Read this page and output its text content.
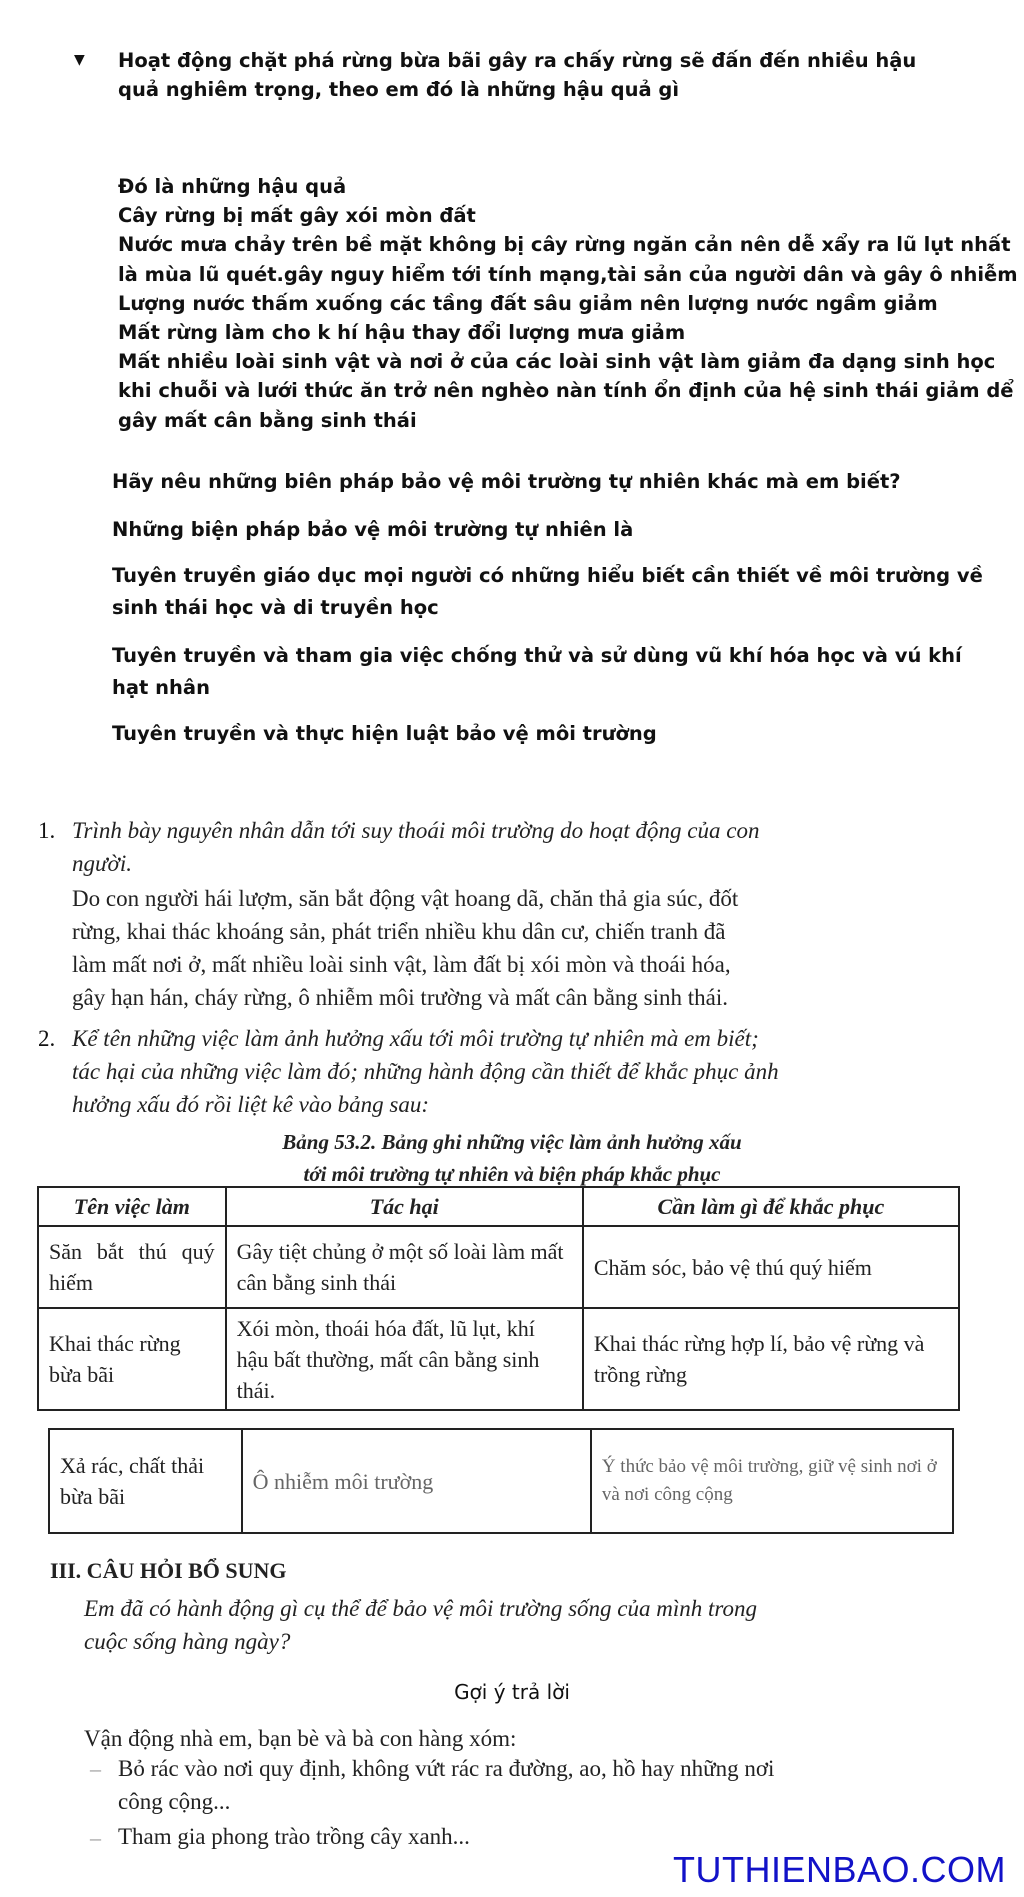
▼ Hoạt động chặt phá rừng bừa bãi gây ra chấy rừng sẽ đấn đến nhiều hậu
quả nghiêm trọng, theo em đó là những hậu quả gì
Đó là những hậu quả
Cây rừng bị mất gây xói mòn đất
Nước mưa chảy trên bề mặt không bị cây rừng ngăn cản nên dễ xẩy ra lũ lụt nhất
là mùa lũ quét.gây nguy hiểm tới tính mạng,tài sản của người dân và gây ô nhiễm
Lượng nước thấm xuống các tầng đất sâu giảm nên lượng nước ngầm giảm
Mất rừng làm cho k hí hậu thay đổi lượng mưa giảm
Mất nhiều loài sinh vật và nơi ở của các loài sinh vật làm giảm đa dạng sinh học
khi chuỗi và lưới thức ăn trở nên nghèo nàn tính ổn định của hệ sinh thái giảm dể
gây mất cân bằng sinh thái
Hãy nêu những biên pháp bảo vệ môi trường tự nhiên khác mà em biết?
Những biện pháp bảo vệ môi trường tự nhiên là
Tuyên truyền giáo dục mọi người có những hiểu biết cần thiết về môi trường về
sinh thái học và di truyền học
Tuyên truyền và tham gia việc chống thử và sử dùng vũ khí hóa học và vú khí
hạt nhân
Tuyên truyền và thực hiện luật bảo vệ môi trường
1. Trình bày nguyên nhân dẫn tới suy thoái môi trường do hoạt động của con
người.
Do con người hái lượm, săn bắt động vật hoang dã, chăn thả gia súc, đốt
rừng, khai thác khoáng sản, phát triển nhiều khu dân cư, chiến tranh đã
làm mất nơi ở, mất nhiều loài sinh vật, làm đất bị xói mòn và thoái hóa,
gây hạn hán, cháy rừng, ô nhiễm môi trường và mất cân bằng sinh thái.
2. Kể tên những việc làm ảnh hưởng xấu tới môi trường tự nhiên mà em biết;
tác hại của những việc làm đó; những hành động cần thiết để khắc phục ảnh
hưởng xấu đó rồi liệt kê vào bảng sau:
Bảng 53.2. Bảng ghi những việc làm ảnh hưởng xấu
tới môi trường tự nhiên và biện pháp khắc phục
Tên việc làm	Tác hại	Cần làm gì để khắc phục
Săn bắt thú quý hiếm	Gây tiệt chủng ở một số loài làm mất cân bằng sinh thái	Chăm sóc, bảo vệ thú quý hiếm
Khai thác rừng bừa bãi	Xói mòn, thoái hóa đất, lũ lụt, khí hậu bất thường, mất cân bằng sinh thái.	Khai thác rừng hợp lí, bảo vệ rừng và trồng rừng
Xả rác, chất thải bừa bãi	Ô nhiễm môi trường	Ý thức bảo vệ môi trường, giữ vệ sinh nơi ở và nơi công cộng
III. CÂU HỎI BỔ SUNG
Em đã có hành động gì cụ thể để bảo vệ môi trường sống của mình trong
cuộc sống hàng ngày?
Gợi ý trả lời
Vận động nhà em, bạn bè và bà con hàng xóm:
– Bỏ rác vào nơi quy định, không vứt rác ra đường, ao, hồ hay những nơi
công cộng...
– Tham gia phong trào trồng cây xanh...
TUTHIENBAO.COM
